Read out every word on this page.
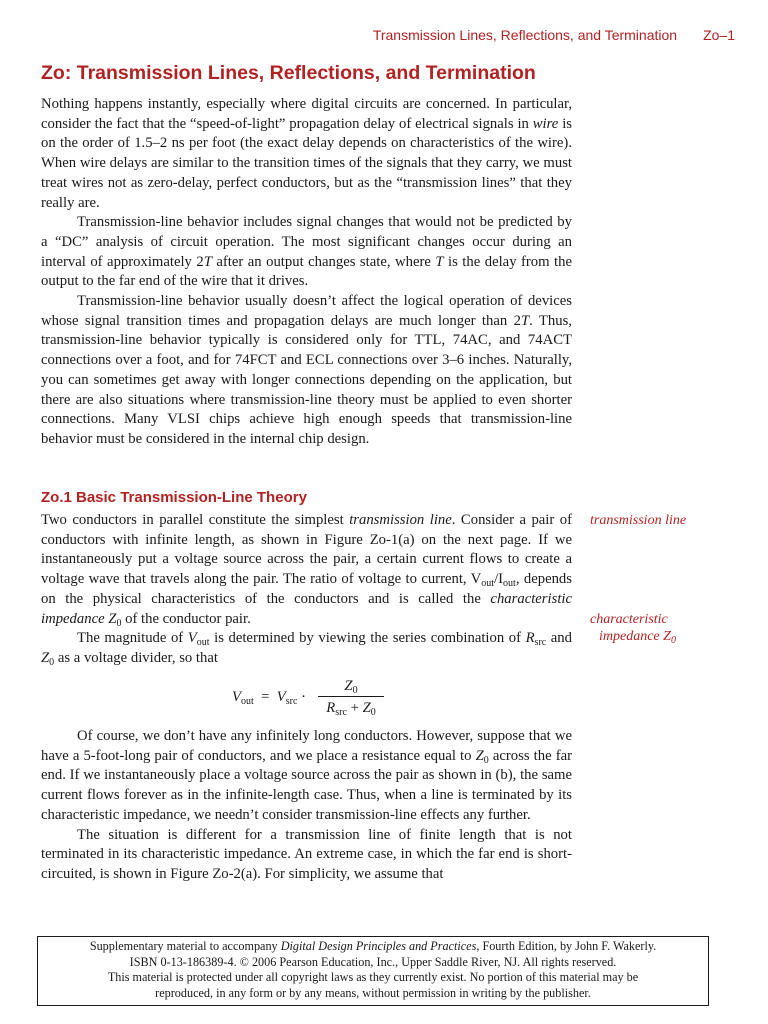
Transmission Lines, Reflections, and Termination Zo–1
Zo: Transmission Lines, Reflections, and Termination

Nothing happens instantly, especially where digital circuits are concerned. In particular, consider the fact that the “speed-of-light” propagation delay of electrical signals in wire is on the order of 1.5–2 ns per foot (the exact delay depends on characteristics of the wire). When wire delays are similar to the transition times of the signals that they carry, we must treat wires not as zero-delay, perfect conductors, but as the “transmission lines” that they really are.

Transmission-line behavior includes signal changes that would not be predicted by a “DC” analysis of circuit operation. The most significant changes occur during an interval of approximately 2T after an output changes state, where T is the delay from the output to the far end of the wire that it drives.

Transmission-line behavior usually doesn’t affect the logical operation of devices whose signal transition times and propagation delays are much longer than 2T. Thus, transmission-line behavior typically is considered only for TTL, 74AC, and 74ACT connections over a foot, and for 74FCT and ECL connections over 3–6 inches. Naturally, you can sometimes get away with longer connections depending on the application, but there are also situations where transmission-line theory must be applied to even shorter connections. Many VLSI chips achieve high enough speeds that transmission-line behavior must be considered in the internal chip design.

Zo.1 Basic Transmission-Line Theory

Two conductors in parallel constitute the simplest transmission line. Consider a pair of conductors with infinite length, as shown in Figure Zo-1(a) on the next page. If we instantaneously put a voltage source across the pair, a certain current flows to create a voltage wave that travels along the pair. The ratio of voltage to current, $V_{out}/I_{out}$, depends on the physical characteristics of the conductors and is called the characteristic impedance $Z_0$ of the conductor pair.

The magnitude of $V_{out}$ is determined by viewing the series combination of $R_{src}$ and $Z_0$ as a voltage divider, so that

$V_{out} = V_{src}$ ·
$Z_0$
$R_{src} + Z_0$

Of course, we don’t have any infinitely long conductors. However, suppose that we have a 5-foot-long pair of conductors, and we place a resistance equal to $Z_0$ across the far end. If we instantaneously place a voltage source across the pair as shown in (b), the same current flows forever as in the infinite-length case. Thus, when a line is terminated by its characteristic impedance, we needn’t consider transmission-line effects any further.

The situation is different for a transmission line of finite length that is not terminated in its characteristic impedance. An extreme case, in which the far end is short-circuited, is shown in Figure Zo-2(a). For simplicity, we assume that

transmission line
characteristic
impedance $Z_0$
Supplementary material to accompany Digital Design Principles and Practices, Fourth Edition, by John F. Wakerly.
ISBN 0-13-186389-4. © 2006 Pearson Education, Inc., Upper Saddle River, NJ. All rights reserved.
This material is protected under all copyright laws as they currently exist. No portion of this material may be
reproduced, in any form or by any means, without permission in writing by the publisher.
